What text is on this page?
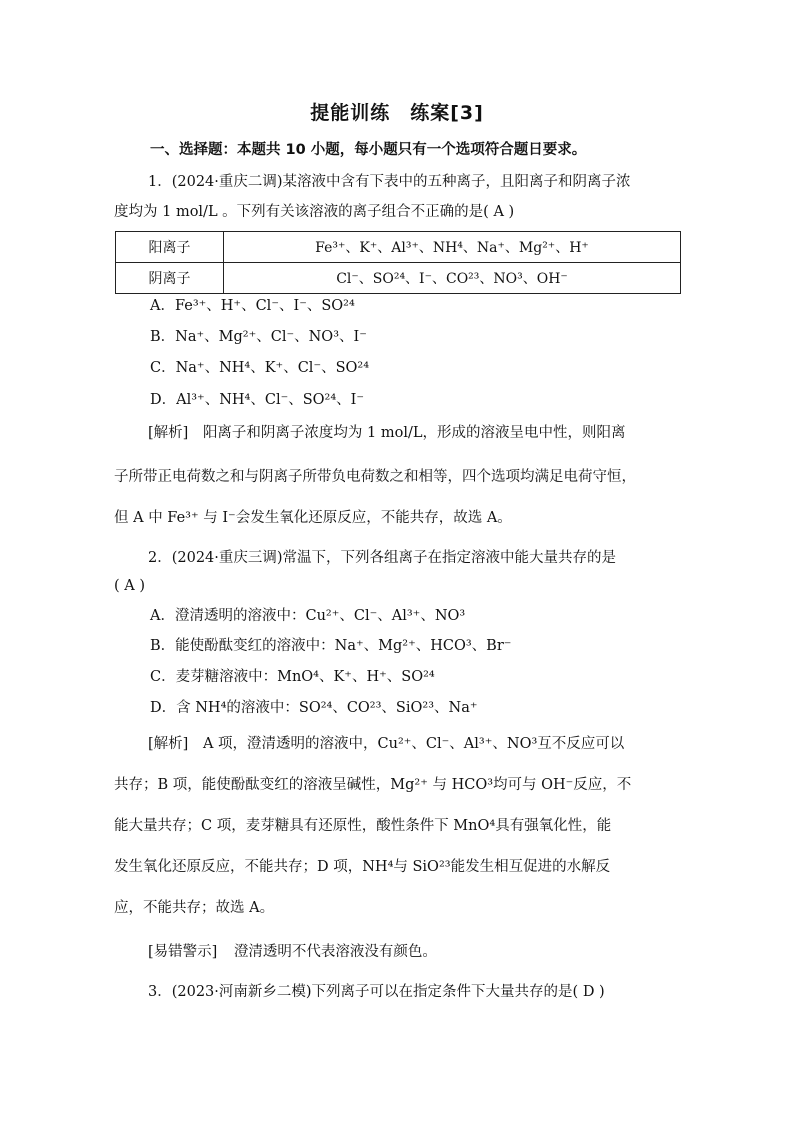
提能训练　练案[3]
一、选择题：本题共 10 小题，每小题只有一个选项符合题日要求。
1．(2024·重庆二调)某溶液中含有下表中的五种离子，且阳离子和阴离子浓
度均为 1 mol/L 。下列有关该溶液的离子组合不正确的是( A )
阳离子	Fe³⁺、K⁺、Al³⁺、NH⁴、Na⁺、Mg²⁺、H⁺
阴离子	Cl⁻、SO²⁴、I⁻、CO²³、NO³、OH⁻
A．Fe³⁺、H⁺、Cl⁻、I⁻、SO²⁴
B．Na⁺、Mg²⁺、Cl⁻、NO³、I⁻
C．Na⁺、NH⁴、K⁺、Cl⁻、SO²⁴
D．Al³⁺、NH⁴、Cl⁻、SO²⁴、I⁻
[解析] 阳离子和阴离子浓度均为 1 mol/L，形成的溶液呈电中性，则阳离
子所带正电荷数之和与阴离子所带负电荷数之和相等，四个选项均满足电荷守恒，
但 A 中 Fe³⁺ 与 I⁻会发生氧化还原反应，不能共存，故选 A。
2．(2024·重庆三调)常温下，下列各组离子在指定溶液中能大量共存的是
( A )
A．澄清透明的溶液中：Cu²⁺、Cl⁻、Al³⁺、NO³
B．能使酚酞变红的溶液中：Na⁺、Mg²⁺、HCO³、Br⁻
C．麦芽糖溶液中：MnO⁴、K⁺、H⁺、SO²⁴
D．含 NH⁴的溶液中：SO²⁴、CO²³、SiO²³、Na⁺
[解析] A 项，澄清透明的溶液中，Cu²⁺、Cl⁻、Al³⁺、NO³互不反应可以
共存；B 项，能使酚酞变红的溶液呈碱性，Mg²⁺ 与 HCO³均可与 OH⁻反应，不
能大量共存；C 项，麦芽糖具有还原性，酸性条件下 MnO⁴具有强氧化性，能
发生氧化还原反应，不能共存；D 项，NH⁴与 SiO²³能发生相互促进的水解反
应，不能共存；故选 A。
[易错警示] 澄清透明不代表溶液没有颜色。
3．(2023·河南新乡二模)下列离子可以在指定条件下大量共存的是( D )
